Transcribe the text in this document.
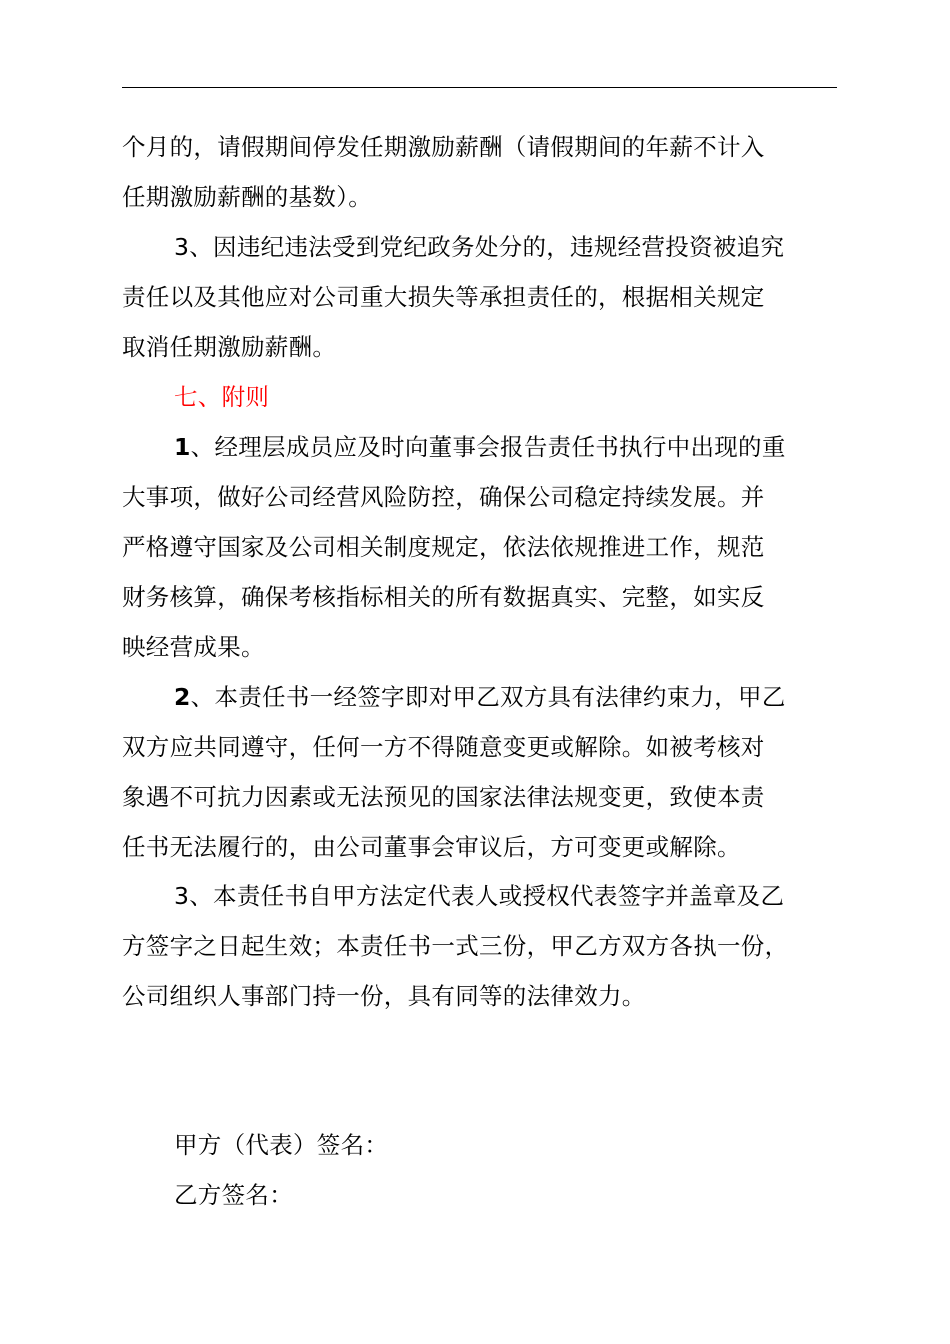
个月的，请假期间停发任期激励薪酬（请假期间的年薪不计入

任期激励薪酬的基数）。

3、因违纪违法受到党纪政务处分的，违规经营投资被追究

责任以及其他应对公司重大损失等承担责任的，根据相关规定

取消任期激励薪酬。

七、附则

1、经理层成员应及时向董事会报告责任书执行中出现的重

大事项，做好公司经营风险防控，确保公司稳定持续发展。并

严格遵守国家及公司相关制度规定，依法依规推进工作，规范

财务核算，确保考核指标相关的所有数据真实、完整，如实反

映经营成果。

2、本责任书一经签字即对甲乙双方具有法律约束力，甲乙

双方应共同遵守，任何一方不得随意变更或解除。如被考核对

象遇不可抗力因素或无法预见的国家法律法规变更，致使本责

任书无法履行的，由公司董事会审议后，方可变更或解除。

3、本责任书自甲方法定代表人或授权代表签字并盖章及乙

方签字之日起生效；本责任书一式三份，甲乙方双方各执一份，

公司组织人事部门持一份，具有同等的法律效力。

甲方（代表）签名：

乙方签名：
